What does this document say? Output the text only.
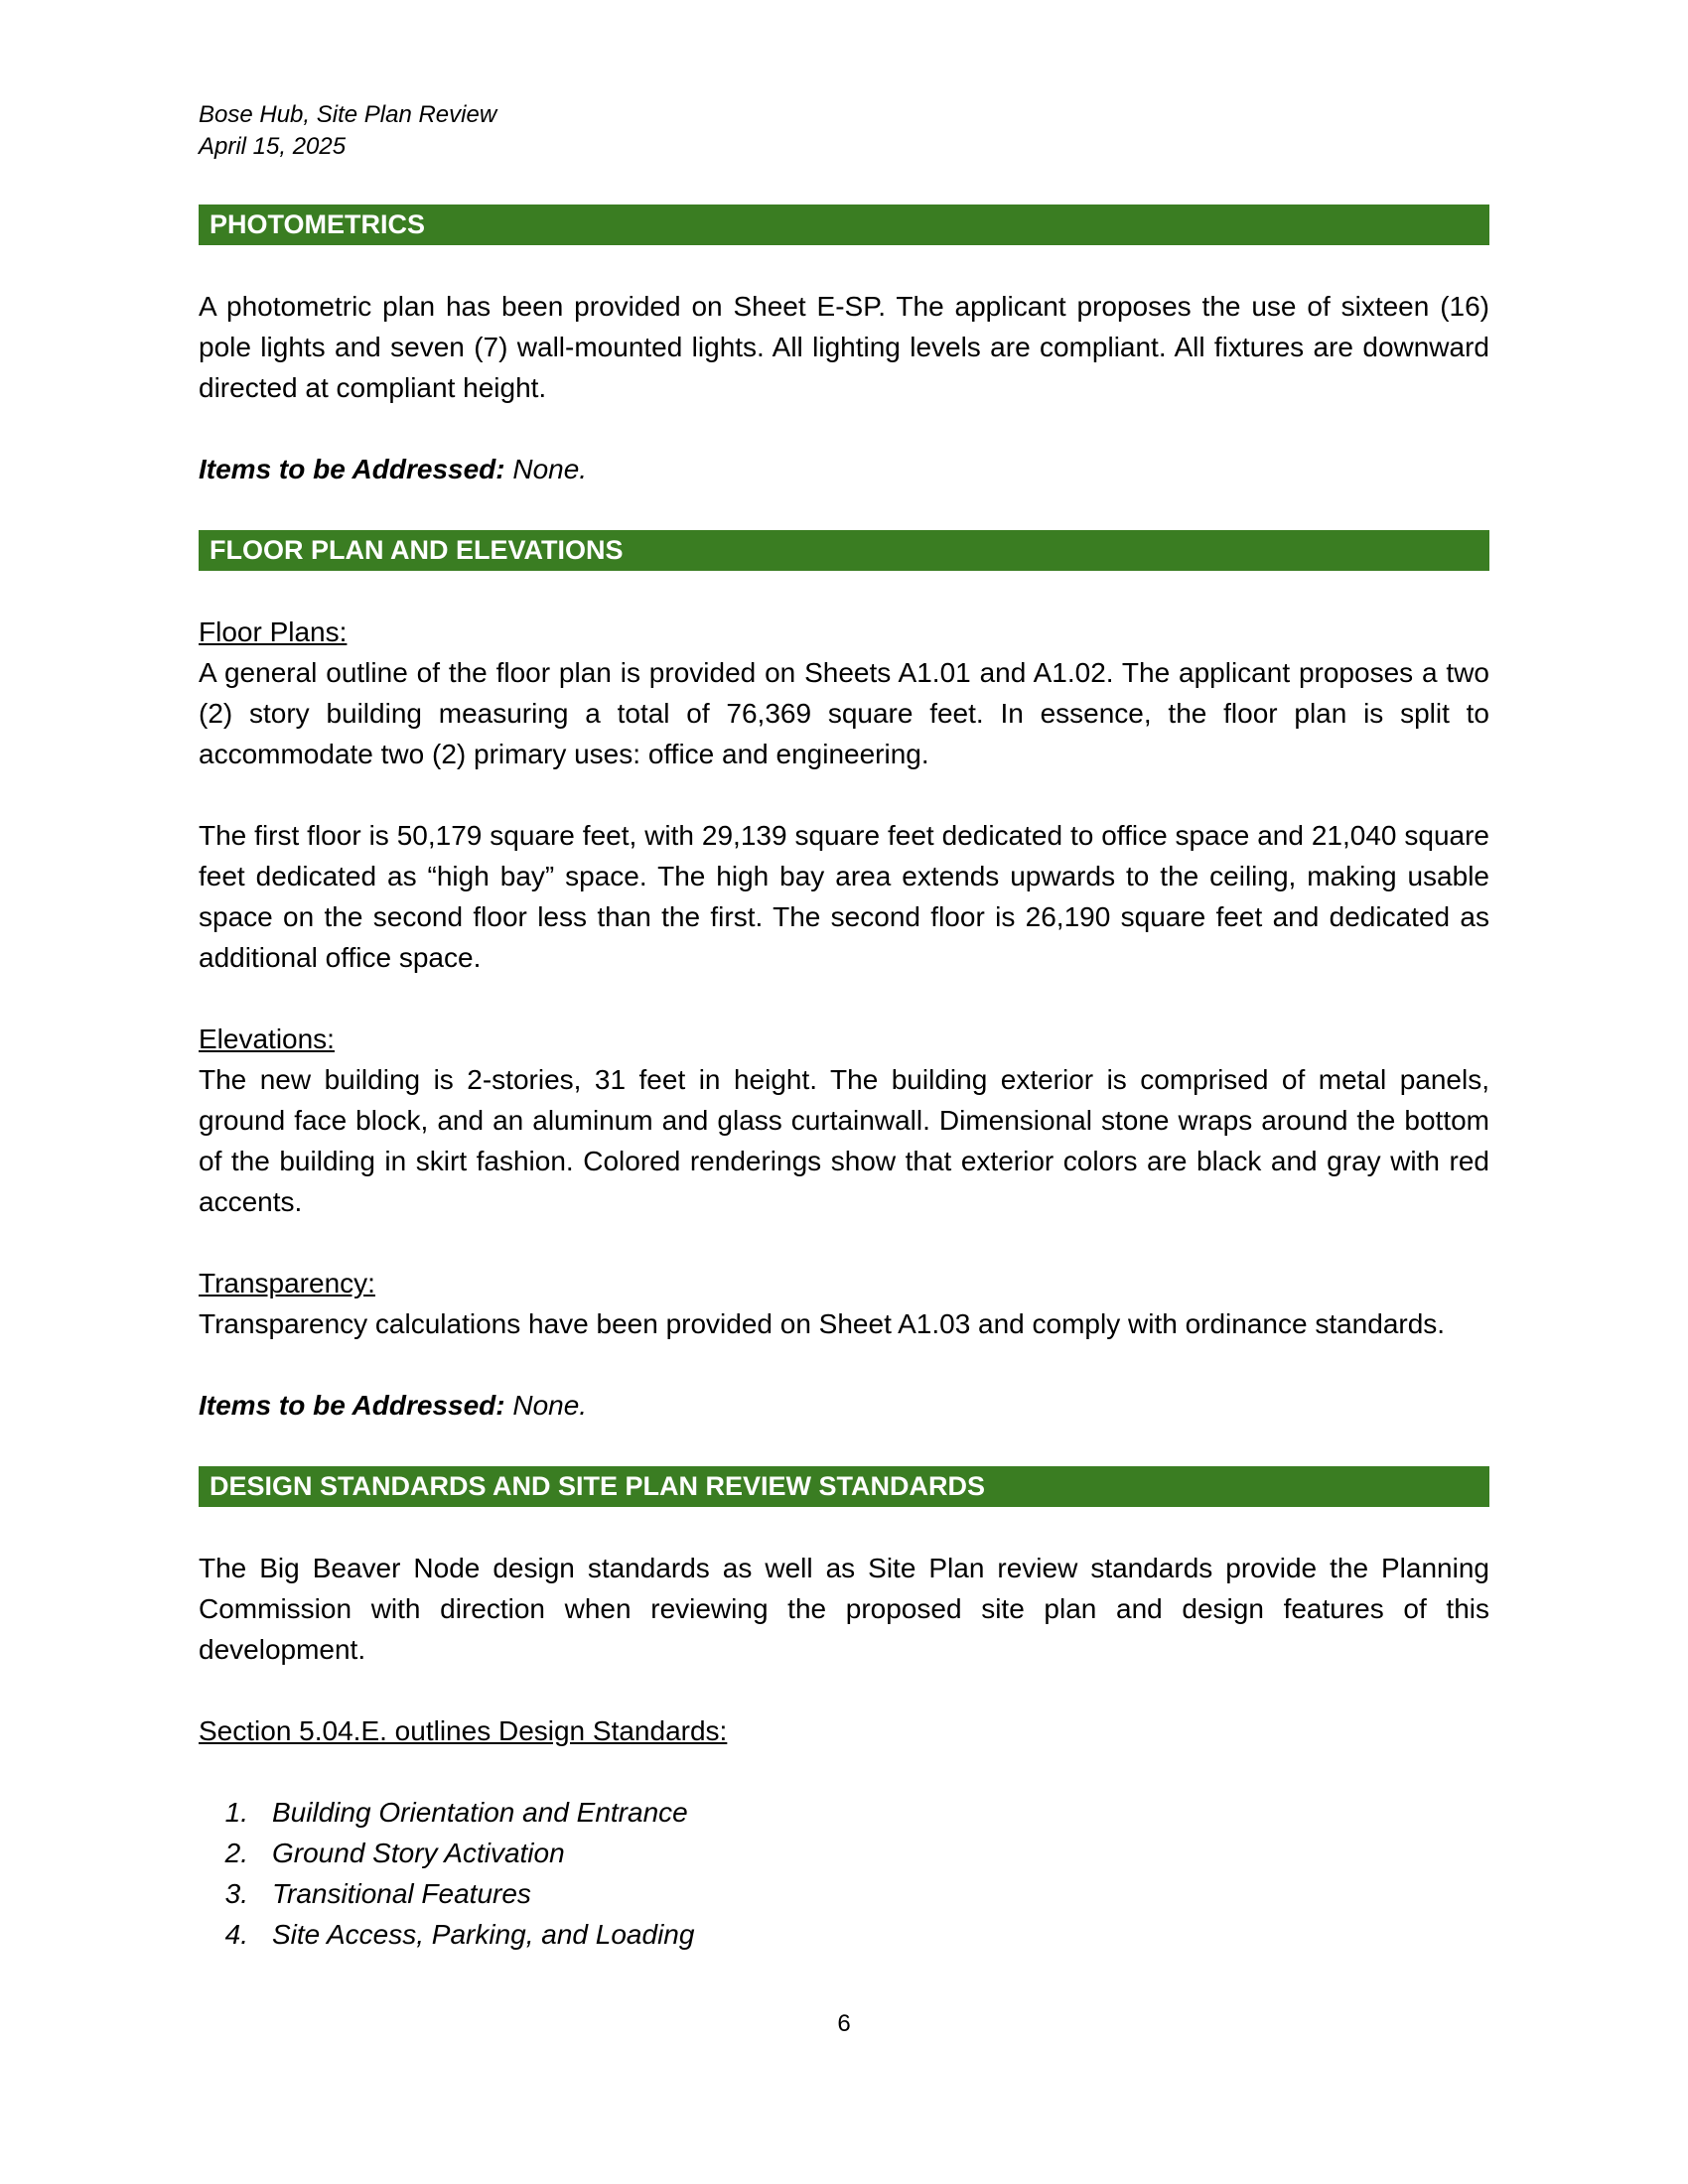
Bose Hub, Site Plan Review
April 15, 2025
PHOTOMETRICS

A photometric plan has been provided on Sheet E-SP. The applicant proposes the use of sixteen (16) pole lights and seven (7) wall-mounted lights. All lighting levels are compliant. All fixtures are downward directed at compliant height.

Items to be Addressed: None.

FLOOR PLAN AND ELEVATIONS

Floor Plans:

A general outline of the floor plan is provided on Sheets A1.01 and A1.02. The applicant proposes a two (2) story building measuring a total of 76,369 square feet. In essence, the floor plan is split to accommodate two (2) primary uses: office and engineering.

The first floor is 50,179 square feet, with 29,139 square feet dedicated to office space and 21,040 square feet dedicated as “high bay” space. The high bay area extends upwards to the ceiling, making usable space on the second floor less than the first. The second floor is 26,190 square feet and dedicated as additional office space.

Elevations:

The new building is 2-stories, 31 feet in height. The building exterior is comprised of metal panels, ground face block, and an aluminum and glass curtainwall. Dimensional stone wraps around the bottom of the building in skirt fashion. Colored renderings show that exterior colors are black and gray with red accents.

Transparency:

Transparency calculations have been provided on Sheet A1.03 and comply with ordinance standards.

Items to be Addressed: None.

DESIGN STANDARDS AND SITE PLAN REVIEW STANDARDS

The Big Beaver Node design standards as well as Site Plan review standards provide the Planning Commission with direction when reviewing the proposed site plan and design features of this development.

Section 5.04.E. outlines Design Standards:

1. Building Orientation and Entrance
2. Ground Story Activation
3. Transitional Features
4. Site Access, Parking, and Loading
6
